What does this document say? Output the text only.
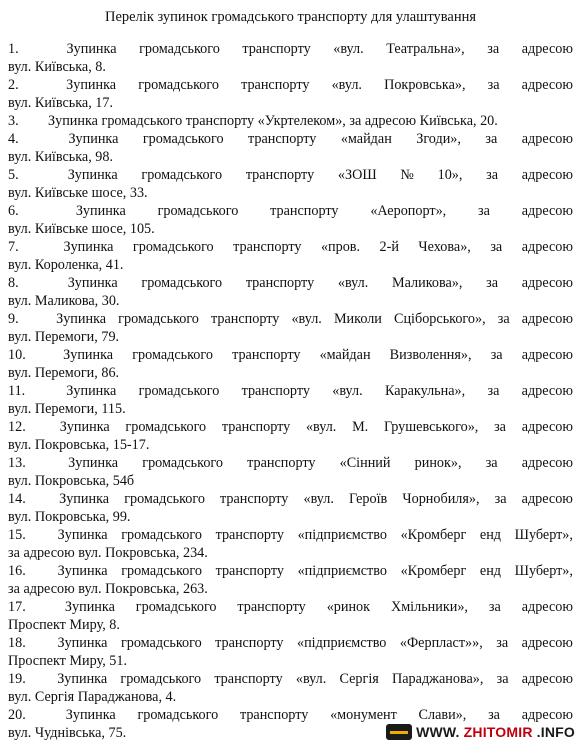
Перелік зупинок громадського транспорту для улаштування
1.	Зупинка громадського транспорту «вул. Театральна», за адресою
вул. Київська, 8.
2.	Зупинка громадського транспорту «вул. Покровська», за адресою
вул. Київська, 17.
3.	Зупинка громадського транспорту «Укртелеком», за адресою Київська, 20.
4.	Зупинка громадського транспорту «майдан Згоди», за адресою
вул. Київська, 98.
5.	Зупинка громадського транспорту «ЗОШ № 10», за адресою
вул. Київське шосе, 33.
6.	Зупинка громадського транспорту «Аеропорт», за адресою
вул. Київське шосе, 105.
7.	Зупинка громадського транспорту «пров. 2-й Чехова», за адресою
вул. Короленка, 41.
8.	Зупинка громадського транспорту «вул. Маликова», за адресою
вул. Маликова, 30.
9.	Зупинка громадського транспорту «вул. Миколи Сціборського», за адресою
вул. Перемоги, 79.
10.	Зупинка громадського транспорту «майдан Визволення», за адресою
вул. Перемоги, 86.
11.	Зупинка громадського транспорту «вул. Каракульна», за адресою
вул. Перемоги, 115.
12.	Зупинка громадського транспорту «вул. М. Грушевського», за адресою
вул. Покровська, 15-17.
13.	Зупинка громадського транспорту «Сінний ринок», за адресою
вул. Покровська, 54б
14.	Зупинка громадського транспорту «вул. Героїв Чорнобиля», за адресою
вул. Покровська, 99.
15.	Зупинка громадського транспорту «підприємство «Кромберг енд Шуберт»,
за адресою вул. Покровська, 234.
16.	Зупинка громадського транспорту «підприємство «Кромберг енд Шуберт»,
за адресою вул. Покровська, 263.
17.	Зупинка громадського транспорту «ринок Хмільники», за адресою
Проспект Миру, 8.
18.	Зупинка громадського транспорту «підприємство «Ферпласт»», за адресою
Проспект Миру, 51.
19.	Зупинка громадського транспорту «вул. Сергія Параджанова», за адресою
вул. Сергія Параджанова, 4.
20.	Зупинка громадського транспорту «монумент Слави», за адресою
вул. Чуднівська, 75.	WWW. ZHITOMIR .INFO
